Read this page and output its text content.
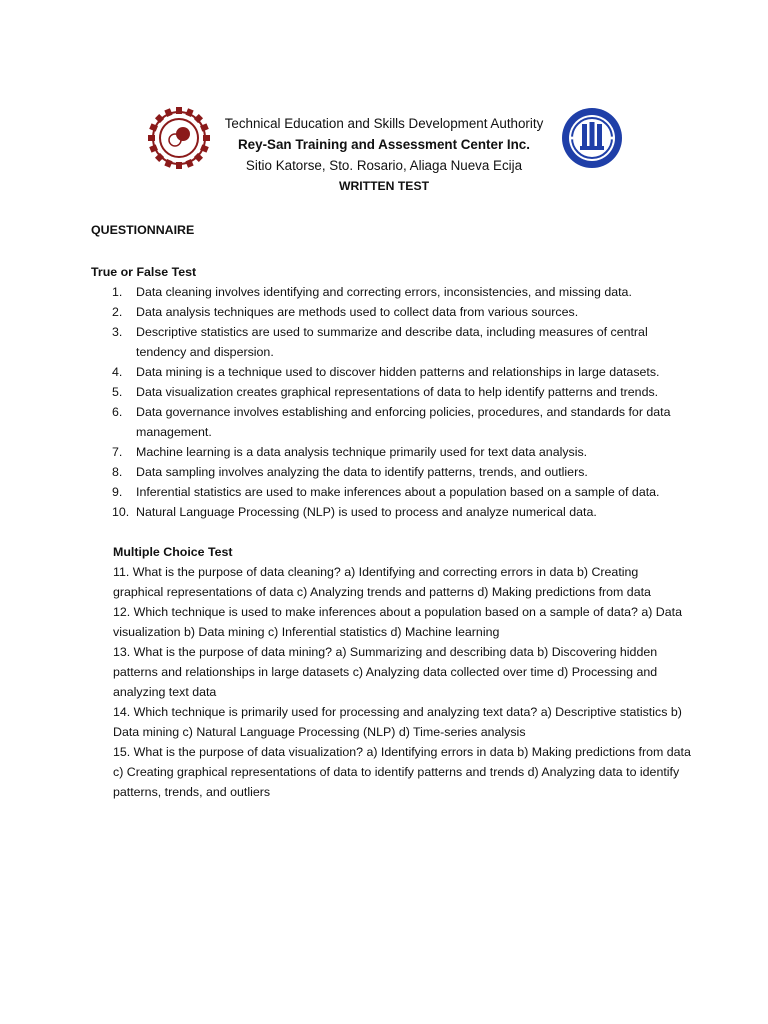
Technical Education and Skills Development Authority
Rey-San Training and Assessment Center Inc.
Sitio Katorse, Sto. Rosario, Aliaga Nueva Ecija
WRITTEN TEST
QUESTIONNAIRE
True or False Test
1.	Data cleaning involves identifying and correcting errors, inconsistencies, and missing data.
2.	Data analysis techniques are methods used to collect data from various sources.
3.	Descriptive statistics are used to summarize and describe data, including measures of central tendency and dispersion.
4.	Data mining is a technique used to discover hidden patterns and relationships in large datasets.
5.	Data visualization creates graphical representations of data to help identify patterns and trends.
6.	Data governance involves establishing and enforcing policies, procedures, and standards for data management.
7.	Machine learning is a data analysis technique primarily used for text data analysis.
8.	Data sampling involves analyzing the data to identify patterns, trends, and outliers.
9.	Inferential statistics are used to make inferences about a population based on a sample of data.
10. Natural Language Processing (NLP) is used to process and analyze numerical data.
Multiple Choice Test

11. What is the purpose of data cleaning? a) Identifying and correcting errors in data b) Creating graphical representations of data c) Analyzing trends and patterns d) Making predictions from data

12. Which technique is used to make inferences about a population based on a sample of data? a) Data visualization b) Data mining c) Inferential statistics d) Machine learning

13. What is the purpose of data mining? a) Summarizing and describing data b) Discovering hidden patterns and relationships in large datasets c) Analyzing data collected over time d) Processing and analyzing text data

14. Which technique is primarily used for processing and analyzing text data? a) Descriptive statistics b) Data mining c) Natural Language Processing (NLP) d) Time-series analysis

15. What is the purpose of data visualization? a) Identifying errors in data b) Making predictions from data c) Creating graphical representations of data to identify patterns and trends d) Analyzing data to identify patterns, trends, and outliers
